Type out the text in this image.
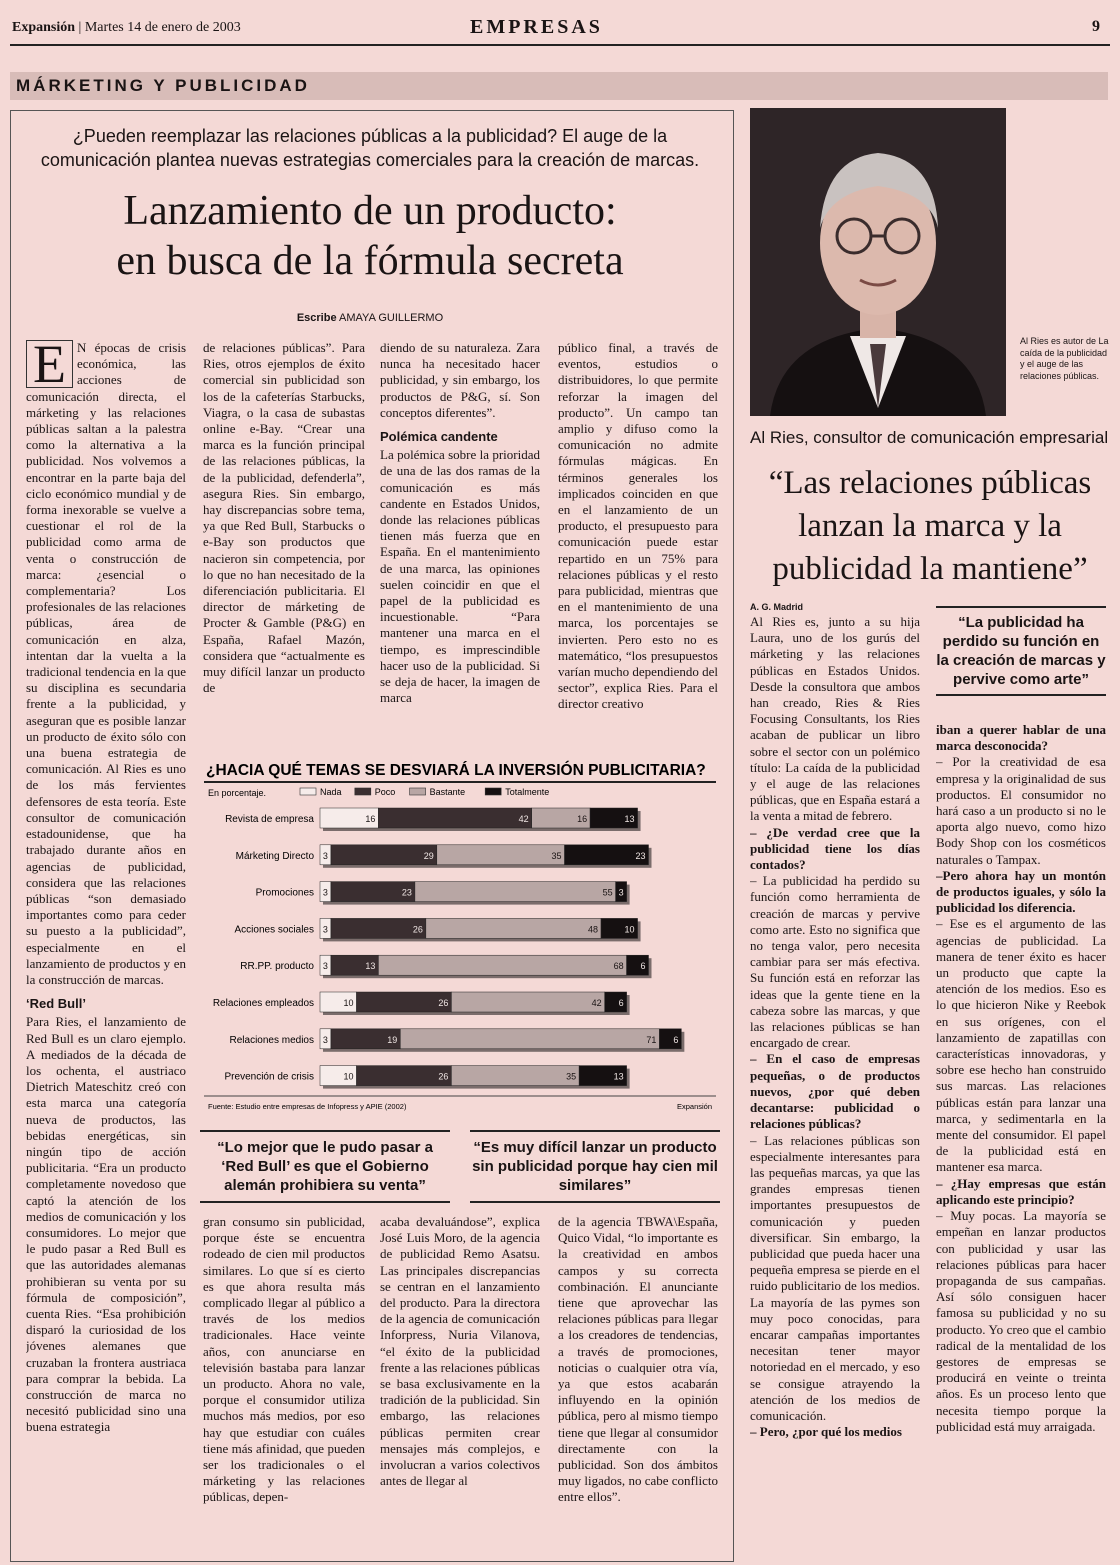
Expansión | Martes 14 de enero de 2003	EMPRESAS	9
MÁRKETING Y PUBLICIDAD
¿Pueden reemplazar las relaciones públicas a la publicidad? El auge de la comunicación plantea nuevas estrategias comerciales para la creación de marcas.
Lanzamiento de un producto:
en busca de la fórmula secreta
Escribe AMAYA GUILLERMO
E N épocas de crisis económica, las acciones de comunicación directa, el márketing y las relaciones públicas saltan a la palestra como la alternativa a la publicidad. Nos volvemos a encontrar en la parte baja del ciclo económico mundial y de forma inexorable se vuelve a cuestionar el rol de la publicidad como arma de venta o construcción de marca: ¿esencial o complementaria? Los profesionales de las relaciones públicas, área de comunicación en alza, intentan dar la vuelta a la tradicional tendencia en la que su disciplina es secundaria frente a la publicidad, y aseguran que es posible lanzar un producto de éxito sólo con una buena estrategia de comunicación. Al Ries es uno de los más fervientes defensores de esta teoría. Este consultor de comunicación estadounidense, que ha trabajado durante años en agencias de publicidad, considera que las relaciones públicas “son demasiado importantes como para ceder su puesto a la publicidad”, especialmente en el lanzamiento de productos y en la construcción de marcas.

‘Red Bull’

Para Ries, el lanzamiento de Red Bull es un claro ejemplo. A mediados de la década de los ochenta, el austriaco Dietrich Mateschitz creó con esta marca una categoría nueva de productos, las bebidas energéticas, sin ningún tipo de acción publicitaria. “Era un producto completamente novedoso que captó la atención de los medios de comunicación y los consumidores. Lo mejor que le pudo pasar a Red Bull es que las autoridades alemanas prohibieran su venta por su fórmula de composición”, cuenta Ries. “Esa prohibición disparó la curiosidad de los jóvenes alemanes que cruzaban la frontera austriaca para comprar la bebida. La construcción de marca no necesitó publicidad sino una buena estrategia

de relaciones públicas”. Para Ries, otros ejemplos de éxito comercial sin publicidad son los de la cafeterías Starbucks, Viagra, o la casa de subastas online e-Bay. “Crear una marca es la función principal de las relaciones públicas, la de la publicidad, defenderla”, asegura Ries. Sin embargo, hay discrepancias sobre tema, ya que Red Bull, Starbucks o e-Bay son productos que nacieron sin competencia, por lo que no han necesitado de la diferenciación publicitaria. El director de márketing de Procter & Gamble (P&G) en España, Rafael Mazón, considera que “actualmente es muy difícil lanzar un producto de

diendo de su naturaleza. Zara nunca ha necesitado hacer publicidad, y sin embargo, los productos de P&G, sí. Son conceptos diferentes”.

Polémica candente

La polémica sobre la prioridad de una de las dos ramas de la comunicación es más candente en Estados Unidos, donde las relaciones públicas tienen más fuerza que en España. En el mantenimiento de una marca, las opiniones suelen coincidir en que el papel de la publicidad es incuestionable. “Para mantener una marca en el tiempo, es imprescindible hacer uso de la publicidad. Si se deja de hacer, la imagen de marca

público final, a través de eventos, estudios o distribuidores, lo que permite reforzar la imagen del producto”. Un campo tan amplio y difuso como la comunicación no admite fórmulas mágicas. En términos generales los implicados coinciden en que en el lanzamiento de un producto, el presupuesto para comunicación puede estar repartido en un 75% para relaciones públicas y el resto para publicidad, mientras que en el mantenimiento de una marca, los porcentajes se invierten. Pero esto no es matemático, “los presupuestos varían mucho dependiendo del sector”, explica Ries. Para el director creativo

¿HACIA QUÉ TEMAS SE DESVIARÁ LA INVERSIÓN PUBLICITARIA?
En porcentaje.	Nada	Poco	Bastante	Totalmente
Revista de empresa	16	42	16	13
Márketing Directo 3	29	35	23
Promociones 3	23	55 3
Acciones sociales 3	26	48	10
RR.PP. producto 3	13	68 6
Relaciones empleados	10	26	42 6
Relaciones medios 3	19	71 6
Prevención de crisis	10	26	35	13
Fuente: Estudio entre empresas de Infopress y APIE (2002)	Expansión
“Lo mejor que le pudo pasar a ‘Red Bull’ es que el Gobierno alemán prohibiera su venta”
“Es muy difícil lanzar un producto sin publicidad porque hay cien mil similares”

gran consumo sin publicidad, porque éste se encuentra rodeado de cien mil productos similares. Lo que sí es cierto es que ahora resulta más complicado llegar al público a través de los medios tradicionales. Hace veinte años, con anunciarse en televisión bastaba para lanzar un producto. Ahora no vale, porque el consumidor utiliza muchos más medios, por eso hay que estudiar con cuáles tiene más afinidad, que pueden ser los tradicionales o el márketing y las relaciones públicas, depen-

acaba devaluándose”, explica José Luis Moro, de la agencia de publicidad Remo Asatsu. Las principales discrepancias se centran en el lanzamiento del producto. Para la directora de la agencia de comunicación Inforpress, Nuria Vilanova, “el éxito de la publicidad frente a las relaciones públicas se basa exclusivamente en la tradición de la publicidad. Sin embargo, las relaciones públicas permiten crear mensajes más complejos, e involucran a varios colectivos antes de llegar al

de la agencia TBWA\España, Quico Vidal, “lo importante es la creatividad en ambos campos y su correcta combinación. El anunciante tiene que aprovechar las relaciones públicas para llegar a los creadores de tendencias, a través de promociones, noticias o cualquier otra vía, ya que estos acabarán influyendo en la opinión pública, pero al mismo tiempo tiene que llegar al consumidor directamente con la publicidad. Son dos ámbitos muy ligados, no cabe conflicto entre ellos”.

Al Ries es autor de La caída de la publicidad y el auge de las relaciones públicas.
Al Ries, consultor de comunicación empresarial
“Las relaciones públicas lanzan la marca y la publicidad la mantiene”
A. G. Madrid
“La publicidad ha perdido su función en la creación de marcas y pervive como arte”

Al Ries es, junto a su hija Laura, uno de los gurús del márketing y las relaciones públicas en Estados Unidos. Desde la consultora que ambos han creado, Ries & Ries Focusing Consultants, los Ries acaban de publicar un libro sobre el sector con un polémico título: La caída de la publicidad y el auge de las relaciones públicas, que en España estará a la venta a mitad de febrero.

– ¿De verdad cree que la publicidad tiene los días contados?

– La publicidad ha perdido su función como herramienta de creación de marcas y pervive como arte. Esto no significa que no tenga valor, pero necesita cambiar para ser más efectiva. Su función está en reforzar las ideas que la gente tiene en la cabeza sobre las marcas, y que las relaciones públicas se han encargado de crear.

– En el caso de empresas pequeñas, o de productos nuevos, ¿por qué deben decantarse: publicidad o relaciones públicas?

– Las relaciones públicas son especialmente interesantes para las pequeñas marcas, ya que las grandes empresas tienen importantes presupuestos de comunicación y pueden diversificar. Sin embargo, la publicidad que pueda hacer una pequeña empresa se pierde en el ruido publicitario de los medios. La mayoría de las pymes son muy poco conocidas, para encarar campañas importantes necesitan tener mayor notoriedad en el mercado, y eso se consigue atrayendo la atención de los medios de comunicación.

– Pero, ¿por qué los medios

iban a querer hablar de una marca desconocida?

– Por la creatividad de esa empresa y la originalidad de sus productos. El consumidor no hará caso a un producto si no le aporta algo nuevo, como hizo Body Shop con los cosméticos naturales o Tampax.

–Pero ahora hay un montón de productos iguales, y sólo la publicidad los diferencia.

– Ese es el argumento de las agencias de publicidad. La manera de tener éxito es hacer un producto que capte la atención de los medios. Eso es lo que hicieron Nike y Reebok en sus orígenes, con el lanzamiento de zapatillas con características innovadoras, y sobre ese hecho han construido sus marcas. Las relaciones públicas están para lanzar una marca, y sedimentarla en la mente del consumidor. El papel de la publicidad está en mantener esa marca.

– ¿Hay empresas que están aplicando este principio?

– Muy pocas. La mayoría se empeñan en lanzar productos con publicidad y usar las relaciones públicas para hacer propaganda de sus campañas. Así sólo consiguen hacer famosa su publicidad y no su producto. Yo creo que el cambio radical de la mentalidad de los gestores de empresas se producirá en veinte o treinta años. Es un proceso lento que necesita tiempo porque la publicidad está muy arraigada.
